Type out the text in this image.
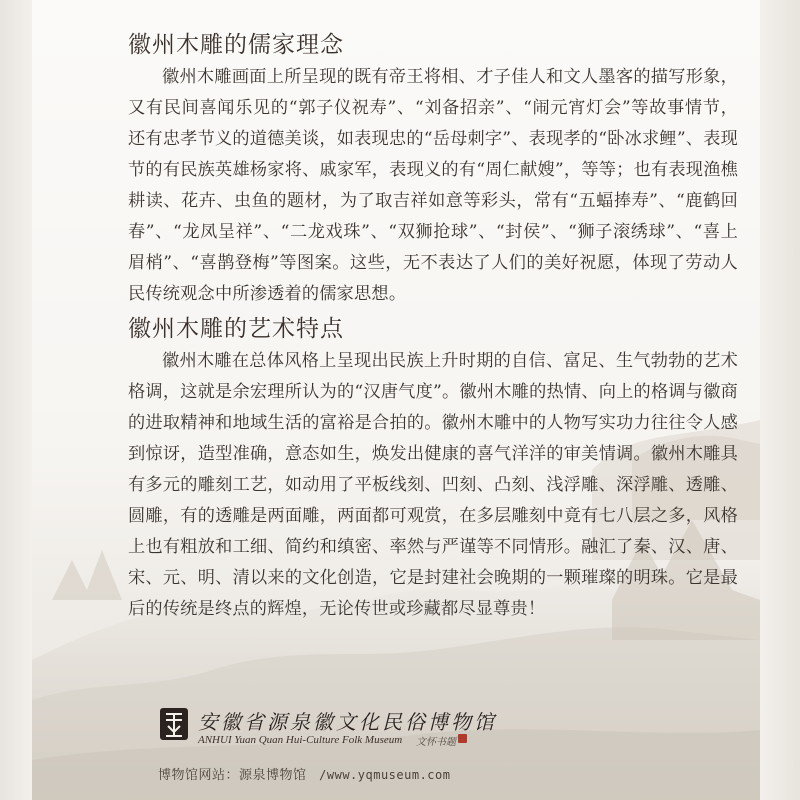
徽州木雕的儒家理念

徽州木雕画面上所呈现的既有帝王将相、才子佳人和文人墨客的描写形象，又有民间喜闻乐见的“郭子仪祝寿”、“刘备招亲”、“闹元宵灯会”等故事情节，还有忠孝节义的道德美谈，如表现忠的“岳母刺字”、表现孝的“卧冰求鲤”、表现节的有民族英雄杨家将、戚家军，表现义的有“周仁献嫂”，等等；也有表现渔樵耕读、花卉、虫鱼的题材，为了取吉祥如意等彩头，常有“五蝠捧寿”、“鹿鹤回春”、“龙凤呈祥”、“二龙戏珠”、“双狮抢球”、“封侯”、“狮子滚绣球”、“喜上眉梢”、“喜鹊登梅”等图案。这些，无不表达了人们的美好祝愿，体现了劳动人民传统观念中所渗透着的儒家思想。

徽州木雕的艺术特点

徽州木雕在总体风格上呈现出民族上升时期的自信、富足、生气勃勃的艺术格调，这就是余宏理所认为的“汉唐气度”。徽州木雕的热情、向上的格调与徽商的进取精神和地域生活的富裕是合拍的。徽州木雕中的人物写实功力往往令人感到惊讶，造型准确，意态如生，焕发出健康的喜气洋洋的审美情调。徽州木雕具有多元的雕刻工艺，如动用了平板线刻、凹刻、凸刻、浅浮雕、深浮雕、透雕、圆雕，有的透雕是两面雕，两面都可观赏，在多层雕刻中竟有七八层之多，风格上也有粗放和工细、简约和缜密、率然与严谨等不同情形。融汇了秦、汉、唐、宋、元、明、清以来的文化创造，它是封建社会晚期的一颗璀璨的明珠。它是最后的传统是终点的辉煌，无论传世或珍藏都尽显尊贵！

安徽省源泉徽文化民俗博物馆
ANHUI Yuan Quan Hui-Culture Folk Museum 文怀书题
博物馆网站：源泉博物馆 /www.yqmuseum.com
